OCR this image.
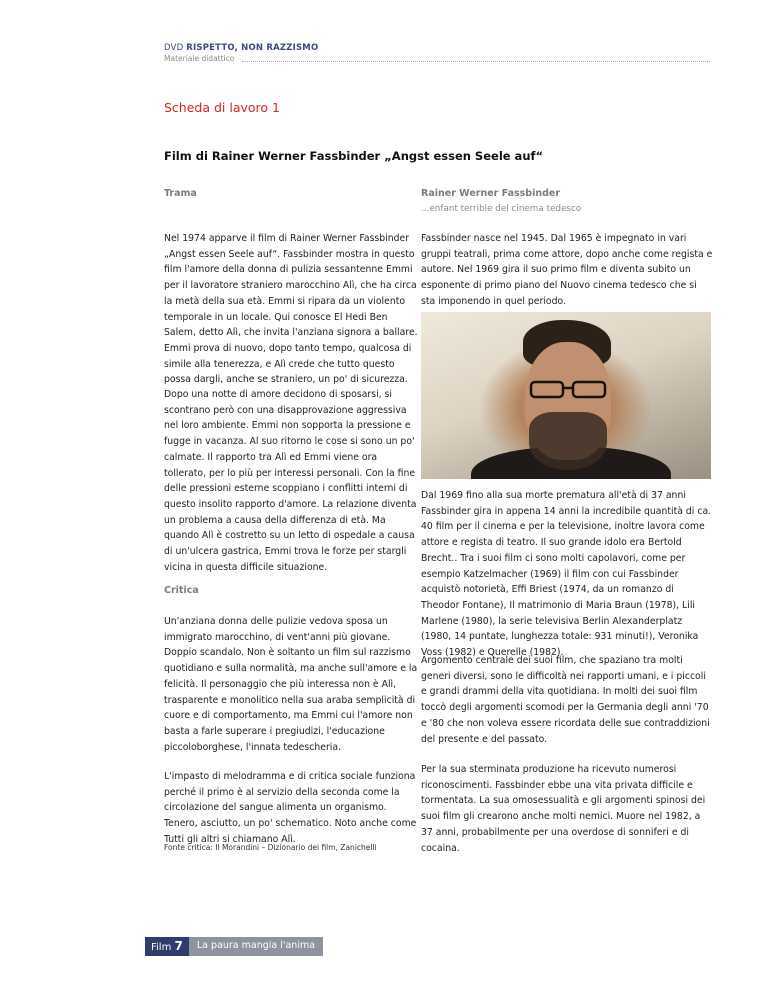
DVD RISPETTO, NON RAZZISMO
Materiale didattico
Scheda di lavoro 1
Film di Rainer Werner Fassbinder „Angst essen Seele auf“
Trama

Nel 1974 apparve il film di Rainer Werner Fassbinder „Angst essen Seele auf“. Fassbinder mostra in questo film l'amore della donna di pulizia sessantenne Emmi per il lavoratore straniero marocchino Alì, che ha circa la metà della sua età. Emmi si ripara da un violento temporale in un locale. Qui conosce El Hedi Ben Salem, detto Alì, che invita l'anziana signora a ballare. Emmi prova di nuovo, dopo tanto tempo, qualcosa di simile alla tenerezza, e Alì crede che tutto questo possa dargli, anche se straniero, un po' di sicurezza.

Dopo una notte di amore decidono di sposarsi, si scontrano però con una disapprovazione aggressiva nel loro ambiente. Emmi non sopporta la pressione e fugge in vacanza. Al suo ritorno le cose si sono un po' calmate. Il rapporto tra Alì ed Emmi viene ora tollerato, per lo più per interessi personali. Con la fine delle pressioni esterne scoppiano i conflitti interni di questo insolito rapporto d'amore. La relazione diventa un problema a causa della differenza di età. Ma quando Alì è costretto su un letto di ospedale a causa di un'ulcera gastrica, Emmi trova le forze per stargli vicina in questa difficile situazione.

Critica

Un'anziana donna delle pulizie vedova sposa un immigrato marocchino, di vent'anni più giovane. Doppio scandalo. Non è soltanto un film sul razzismo quotidiano e sulla normalità, ma anche sull'amore e la felicità. Il personaggio che più interessa non è Alì, trasparente e monolitico nella sua araba semplicità di cuore e di comportamento, ma Emmi cui l'amore non basta a farle superare i pregiudizi, l'educazione piccoloborghese, l'innata tedescheria.

L'impasto di melodramma e di critica sociale funziona perché il primo è al servizio della seconda come la circolazione del sangue alimenta un organismo. Tenero, asciutto, un po' schematico. Noto anche come Tutti gli altri si chiamano Alì.

Fonte critica: Il Morandini – Dizionario dei film, Zanichelli
Rainer Werner Fassbinder
...enfant terrible del cinema tedesco

Fassbinder nasce nel 1945. Dal 1965 è impegnato in vari gruppi teatrali, prima come attore, dopo anche come regista e autore. Nel 1969 gira il suo primo film e diventa subito un esponente di primo piano del Nuovo cinema tedesco che si sta imponendo in quel periodo.

Dal 1969 fino alla sua morte prematura all'età di 37 anni Fassbinder gira in appena 14 anni la incredibile quantità di ca. 40 film per il cinema e per la televisione, inoltre lavora come attore e regista di teatro. Il suo grande idolo era Bertold Brecht.. Tra i suoi film ci sono molti capolavori, come per esempio Katzelmacher (1969) il film con cui Fassbinder acquistò notorietà, Effi Briest (1974, da un romanzo di Theodor Fontane), Il matrimonio di Maria Braun (1978), Lili Marlene (1980), la serie televisiva Berlin Alexanderplatz (1980, 14 puntate, lunghezza totale: 931 minuti!), Veronika Voss (1982) e Querelle (1982).

Argomento centrale dei suoi film, che spaziano tra molti generi diversi, sono le difficoltà nei rapporti umani, e i piccoli e grandi drammi della vita quotidiana. In molti dei suoi film toccò degli argomenti scomodi per la Germania degli anni '70 e '80 che non voleva essere ricordata delle sue contraddizioni del presente e del passato.

Per la sua sterminata produzione ha ricevuto numerosi riconoscimenti. Fassbinder ebbe una vita privata difficile e tormentata. La sua omosessualità e gli argomenti spinosi dei suoi film gli crearono anche molti nemici. Muore nel 1982, a 37 anni, probabilmente per una overdose di sonniferi e di cocaina.

Film 7	La paura mangia l'anima
